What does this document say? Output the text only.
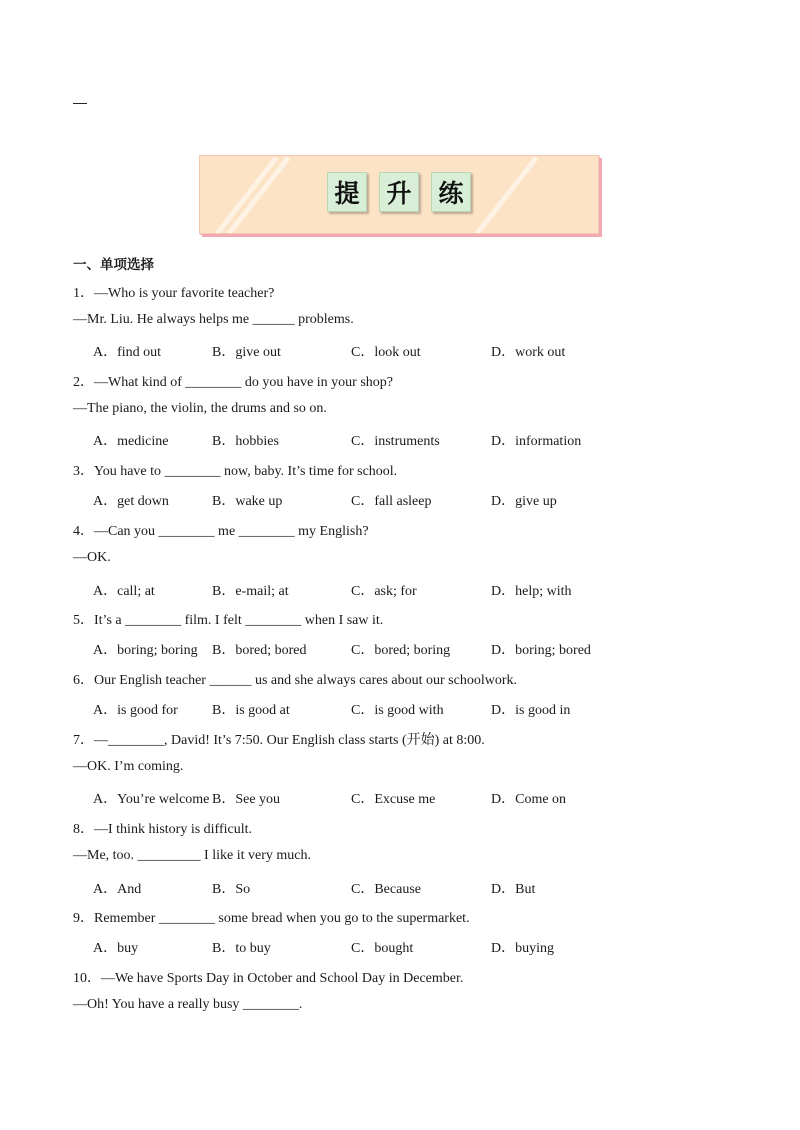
提	升	练
一、单项选择
1．—Who is your favorite teacher?
—Mr. Liu. He always helps me ______ problems.
2．—What kind of ________ do you have in your shop?
—The piano, the violin, the drums and so on.
3．You have to ________ now, baby. It’s time for school.
4．—Can you ________ me ________ my English?
—OK.
5．It’s a ________ film. I felt ________ when I saw it.
6．Our English teacher ______ us and she always cares about our schoolwork.
7．—________, David! It’s 7:50. Our English class starts (开始) at 8:00.
—OK. I’m coming.
8．—I think history is difficult.
—Me, too. _________ I like it very much.
9．Remember ________ some bread when you go to the supermarket.
10．—We have Sports Day in October and School Day in December.
—Oh! You have a really busy ________.
A．find out	B．give out	C．look out	D．work out
A．medicine	B．hobbies	C．instruments	D．information
A．get down	B．wake up	C．fall asleep	D．give up
A．call; at	B．e-mail; at	C．ask; for	D．help; with
A．boring; boring B．bored; bored	C．bored; boring	D．boring; bored
A．is good for B．is good at	C．is good with	D．is good in
A．You’re welcome B．See you	C．Excuse me	D．Come on
A．And	B．So	C．Because	D．But
A．buy	B．to buy	C．bought	D．buying
